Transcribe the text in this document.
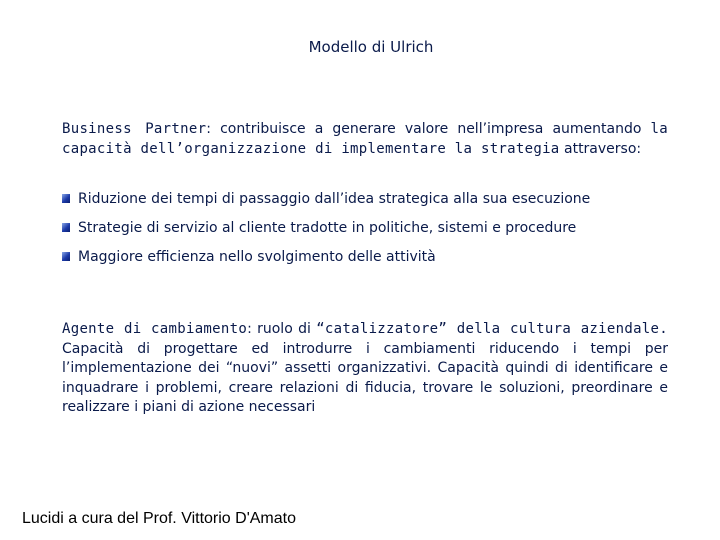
Modello di Ulrich
Business Partner: contribuisce a generare valore nell’impresa aumentando la capacità dell’organizzazione di implementare la strategia attraverso:
Riduzione dei tempi di passaggio dall’idea strategica alla sua esecuzione
Strategie di servizio al cliente tradotte in politiche, sistemi e procedure
Maggiore efficienza nello svolgimento delle attività
Agente di cambiamento: ruolo di “catalizzatore” della cultura aziendale. Capacità di progettare ed introdurre i cambiamenti riducendo i tempi per l’implementazione dei “nuovi” assetti organizzativi. Capacità quindi di identificare e inquadrare i problemi, creare relazioni di fiducia, trovare le soluzioni, preordinare e realizzare i piani di azione necessari
Lucidi a cura del Prof. Vittorio D'Amato
